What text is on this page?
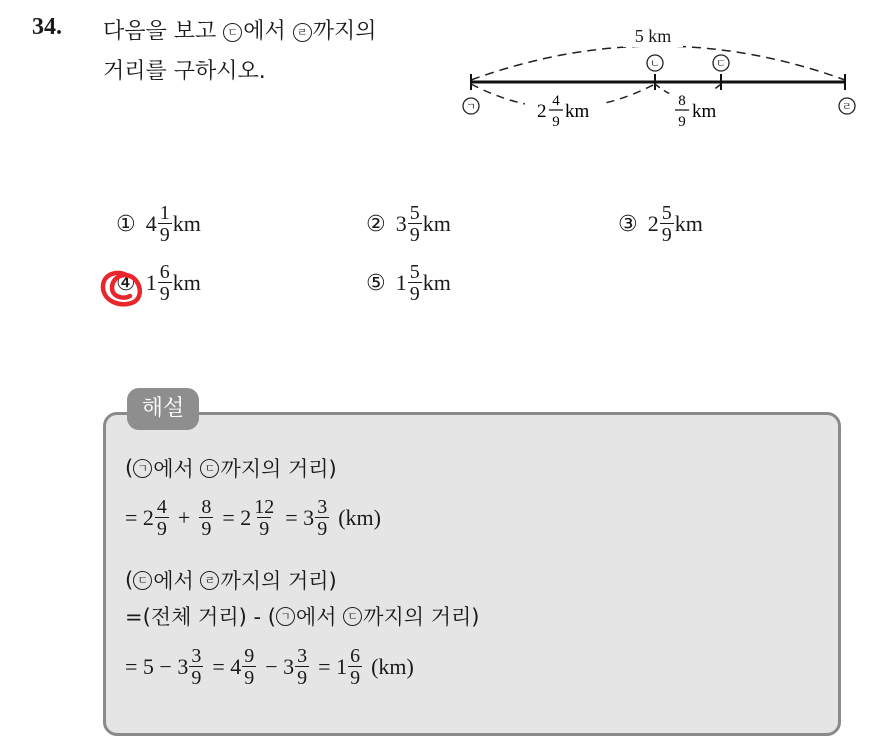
34. 다음을 보고 ㄷ 에서 ㄹ 까지의
거리를 구하시오.
5 km
ㄱ
ㄴ	ㄷ
ㄹ
2 4
9 km	8
9 km
① $4 \frac{1}{9}$ km	② $3 \frac{5}{9}$ km	③ $2 \frac{5}{9}$ km
④ $1 \frac{6}{9}$ km	⑤ $1 \frac{5}{9}$ km
해설
( ㄱ 에서 ㄷ 까지의 거리)
= $2 \frac{4}{9} + \frac{8}{9} = 2 \frac{12}{9} = 3 \frac{3}{9} (km)$
( ㄷ 에서 ㄹ 까지의 거리)
=(전체 거리) - ( ㄱ 에서 ㄷ 까지의 거리)
= $5 - 3 \frac{3}{9} = 4 \frac{9}{9} - 3 \frac{3}{9} = 1 \frac{6}{9} (km)$
